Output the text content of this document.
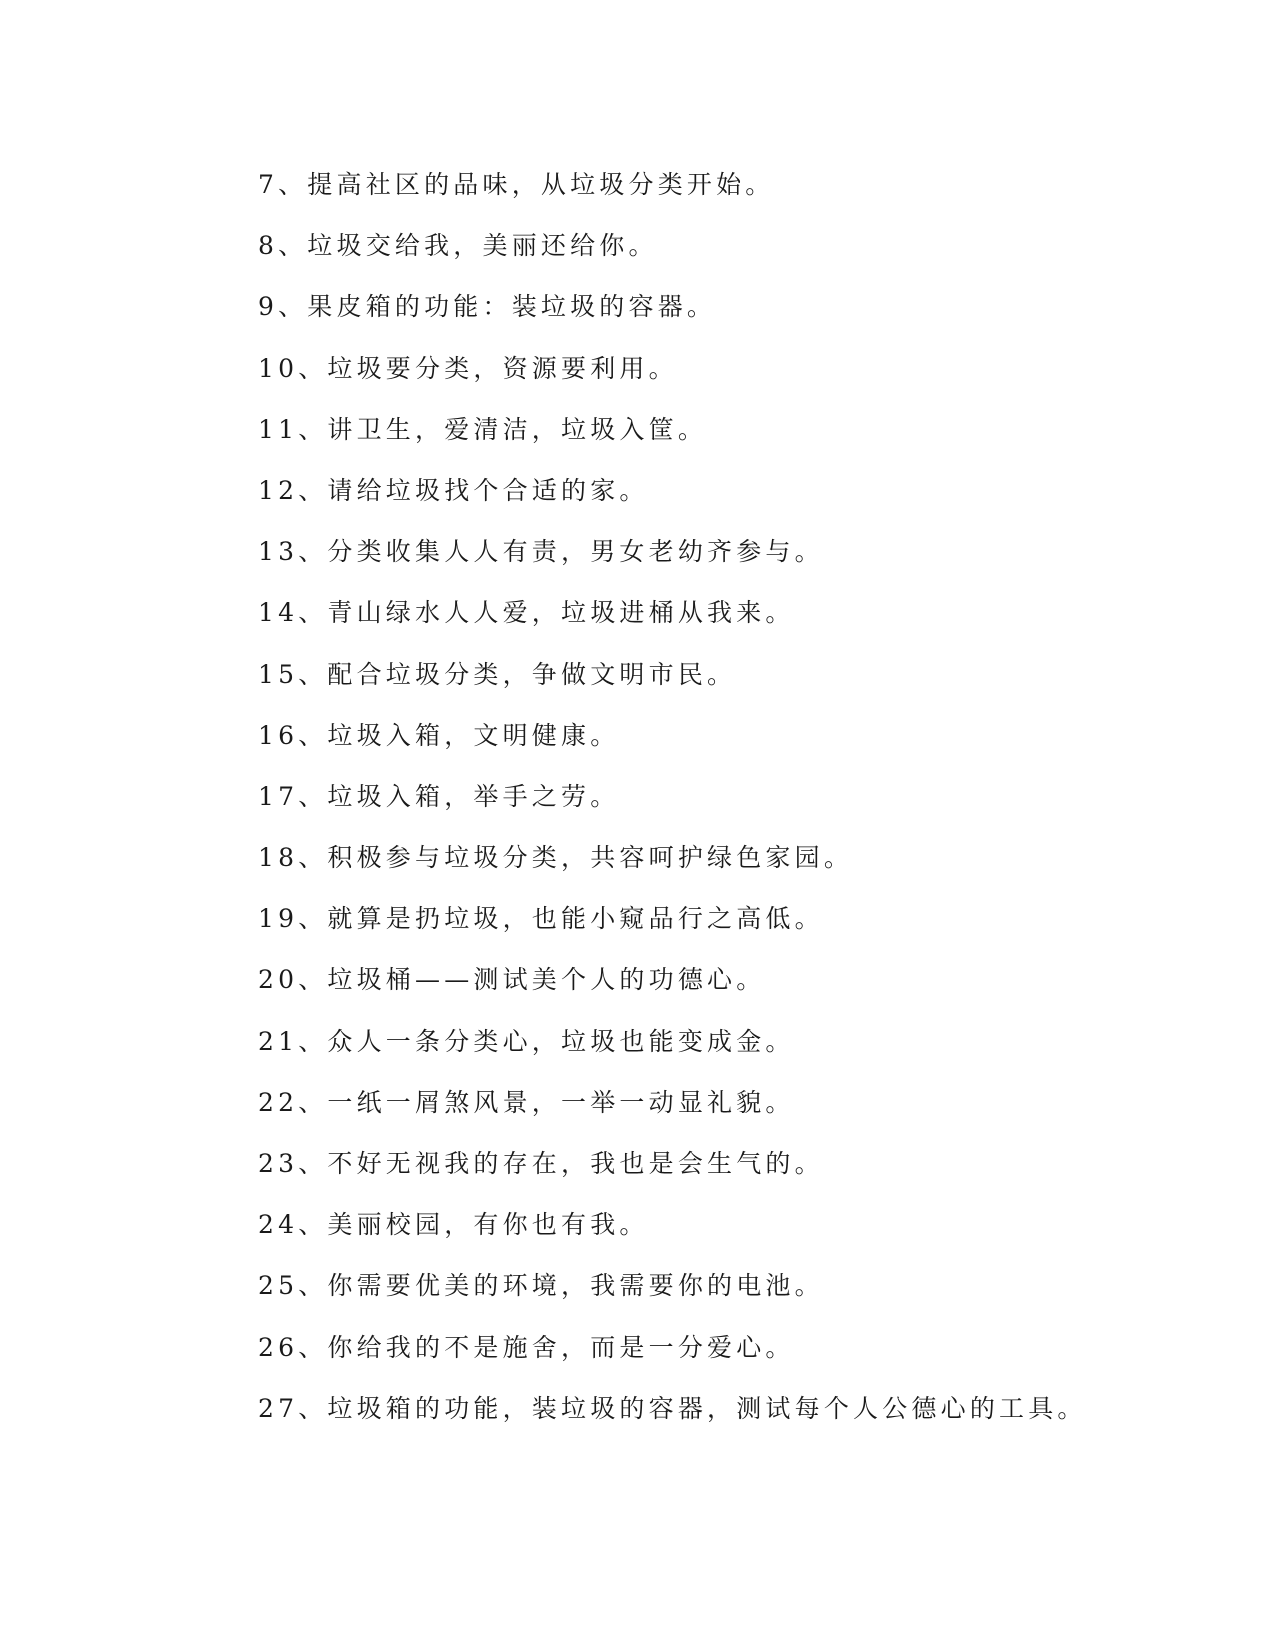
7、提高社区的品味，从垃圾分类开始。
8、垃圾交给我，美丽还给你。
9、果皮箱的功能：装垃圾的容器。
10、垃圾要分类，资源要利用。
11、讲卫生，爱清洁，垃圾入筐。
12、请给垃圾找个合适的家。
13、分类收集人人有责，男女老幼齐参与。
14、青山绿水人人爱，垃圾进桶从我来。
15、配合垃圾分类，争做文明市民。
16、垃圾入箱，文明健康。
17、垃圾入箱，举手之劳。
18、积极参与垃圾分类，共容呵护绿色家园。
19、就算是扔垃圾，也能小窥品行之高低。
20、垃圾桶——测试美个人的功德心。
21、众人一条分类心，垃圾也能变成金。
22、一纸一屑煞风景，一举一动显礼貌。
23、不好无视我的存在，我也是会生气的。
24、美丽校园，有你也有我。
25、你需要优美的环境，我需要你的电池。
26、你给我的不是施舍，而是一分爱心。
27、垃圾箱的功能，装垃圾的容器，测试每个人公德心的工具。
